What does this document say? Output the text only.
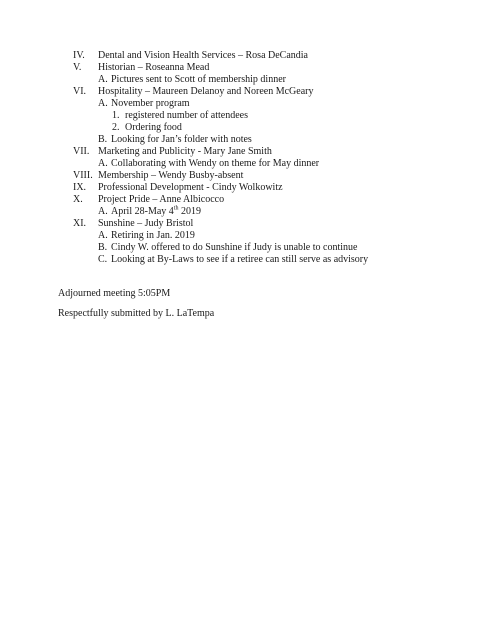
IV. Dental and Vision Health Services – Rosa DeCandia
V. Historian – Roseanna Mead
A. Pictures sent to Scott of membership dinner
VI. Hospitality – Maureen Delanoy and Noreen McGeary
A. November program
1. registered number of attendees
2. Ordering food
B. Looking for Jan’s folder with notes
VII. Marketing and Publicity - Mary Jane Smith
A. Collaborating with Wendy on theme for May dinner
VIII. Membership – Wendy Busby-absent
IX. Professional Development - Cindy Wolkowitz
X. Project Pride – Anne Albicocco
A. April 28-May 4th 2019
XI. Sunshine – Judy Bristol
A. Retiring in Jan. 2019
B. Cindy W. offered to do Sunshine if Judy is unable to continue
C. Looking at By-Laws to see if a retiree can still serve as advisory
Adjourned meeting 5:05PM
Respectfully submitted by L. LaTempa
